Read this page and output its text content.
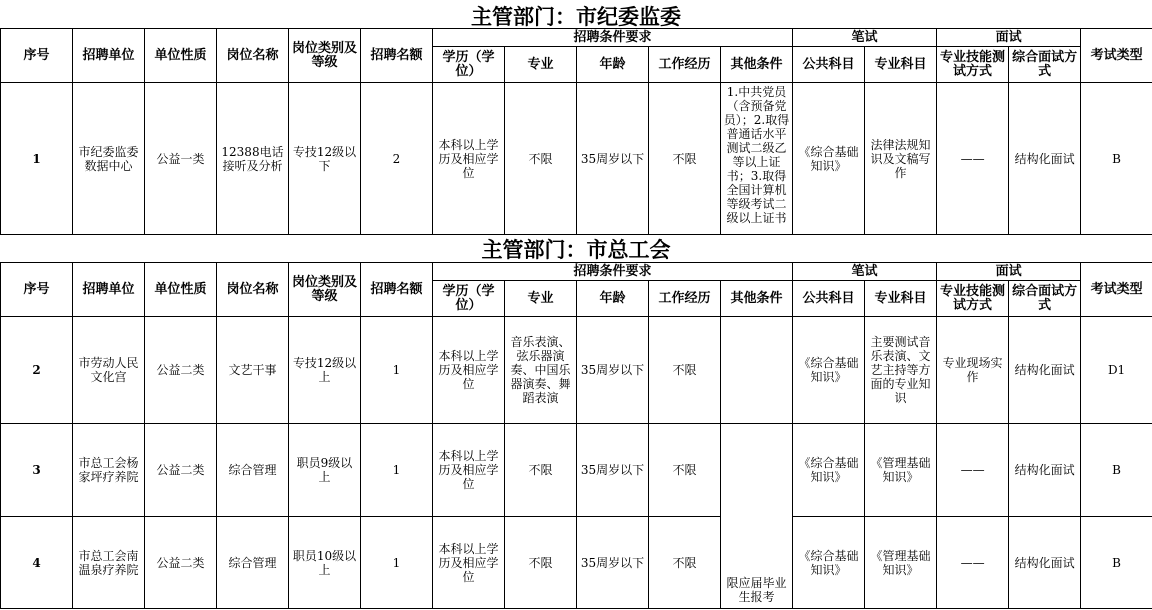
主管部门：市纪委监委
序号	招聘单位	单位性质	岗位名称	岗位类别及等级	招聘名额	招聘条件要求					笔试		面试		考试类型
						学历（学位）	专业	年龄	工作经历	其他条件	公共科目	专业科目	专业技能测试方式	综合面试方式	
1	市纪委监委数据中心	公益一类	12388电话接听及分析	专技12级以下	2	本科以上学历及相应学位	不限	35周岁以下	不限	1.中共党员（含预备党员）；2.取得普通话水平测试二级乙等以上证书；3.取得全国计算机等级考试二级以上证书	《综合基础知识》	法律法规知识及文稿写作	——	结构化面试	B
主管部门：市总工会
序号	招聘单位	单位性质	岗位名称	岗位类别及等级	招聘名额	招聘条件要求					笔试		面试		考试类型
						学历（学位）	专业	年龄	工作经历	其他条件	公共科目	专业科目	专业技能测试方式	综合面试方式	
2	市劳动人民文化宫	公益二类	文艺干事	专技12级以上	1	本科以上学历及相应学位	音乐表演、弦乐器演奏、中国乐器演奏、舞蹈表演	35周岁以下	不限		《综合基础知识》	主要测试音乐表演、文艺主持等方面的专业知识	专业现场实作	结构化面试	D1
3	市总工会杨家坪疗养院	公益二类	综合管理	职员9级以上	1	本科以上学历及相应学位	不限	35周岁以下	不限	限应届毕业生报考	《综合基础知识》	《管理基础知识》	——	结构化面试	B
4	市总工会南温泉疗养院	公益二类	综合管理	职员10级以上	1	本科以上学历及相应学位	不限	35周岁以下	不限		《综合基础知识》	《管理基础知识》	——	结构化面试	B
